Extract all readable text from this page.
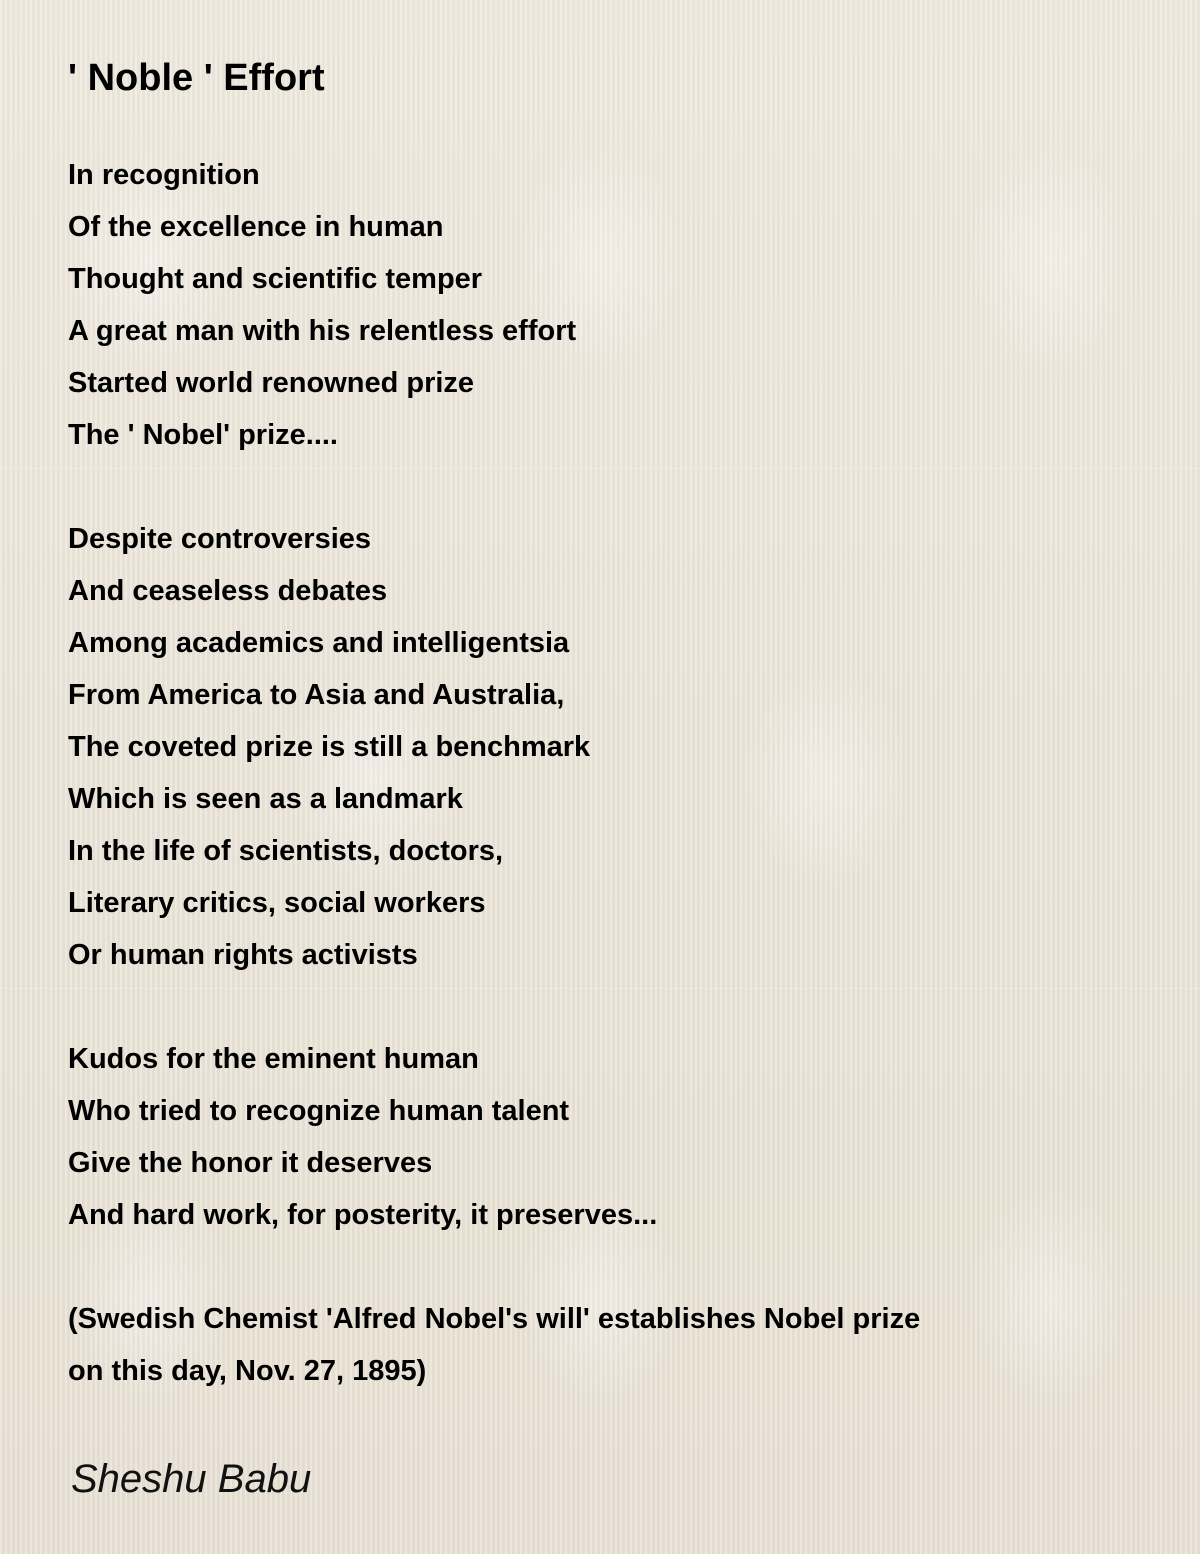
' Noble ' Effort
In recognition
Of the excellence in human
Thought and scientific temper
A great man with his relentless effort
Started world renowned prize
The ' Nobel' prize....
Despite controversies
And ceaseless debates
Among academics and intelligentsia
From America to Asia and Australia,
The coveted prize is still a benchmark
Which is seen as a landmark
In the life of scientists, doctors,
Literary critics, social workers
Or human rights activists
Kudos for the eminent human
Who tried to recognize human talent
Give the honor it deserves
And hard work, for posterity, it preserves...
(Swedish Chemist 'Alfred Nobel's will' establishes Nobel prize
on this day, Nov. 27, 1895)
Sheshu Babu
